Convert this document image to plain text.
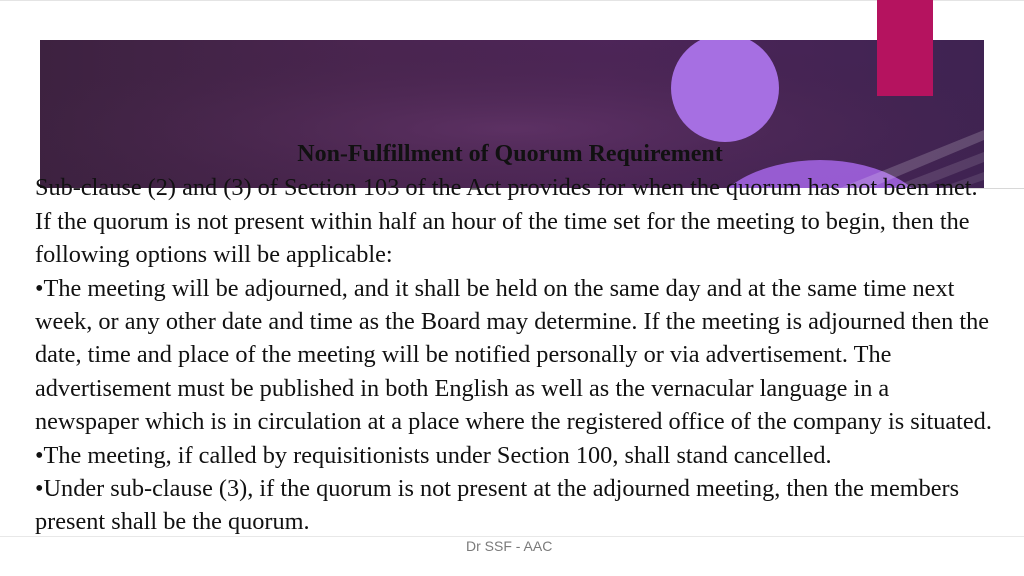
Non-Fulfillment of Quorum Requirement

Sub-clause (2) and (3) of Section 103 of the Act provides for when the quorum has not been met. If the quorum is not present within half an hour of the time set for the meeting to begin, then the following options will be applicable:

•The meeting will be adjourned, and it shall be held on the same day and at the same time next week, or any other date and time as the Board may determine. If the meeting is adjourned then the date, time and place of the meeting will be notified personally or via advertisement. The advertisement must be published in both English as well as the vernacular language in a newspaper which is in circulation at a place where the registered office of the company is situated.

•The meeting, if called by requisitionists under Section 100, shall stand cancelled.

•Under sub-clause (3), if the quorum is not present at the adjourned meeting, then the members present shall be the quorum.

Dr SSF - AAC
